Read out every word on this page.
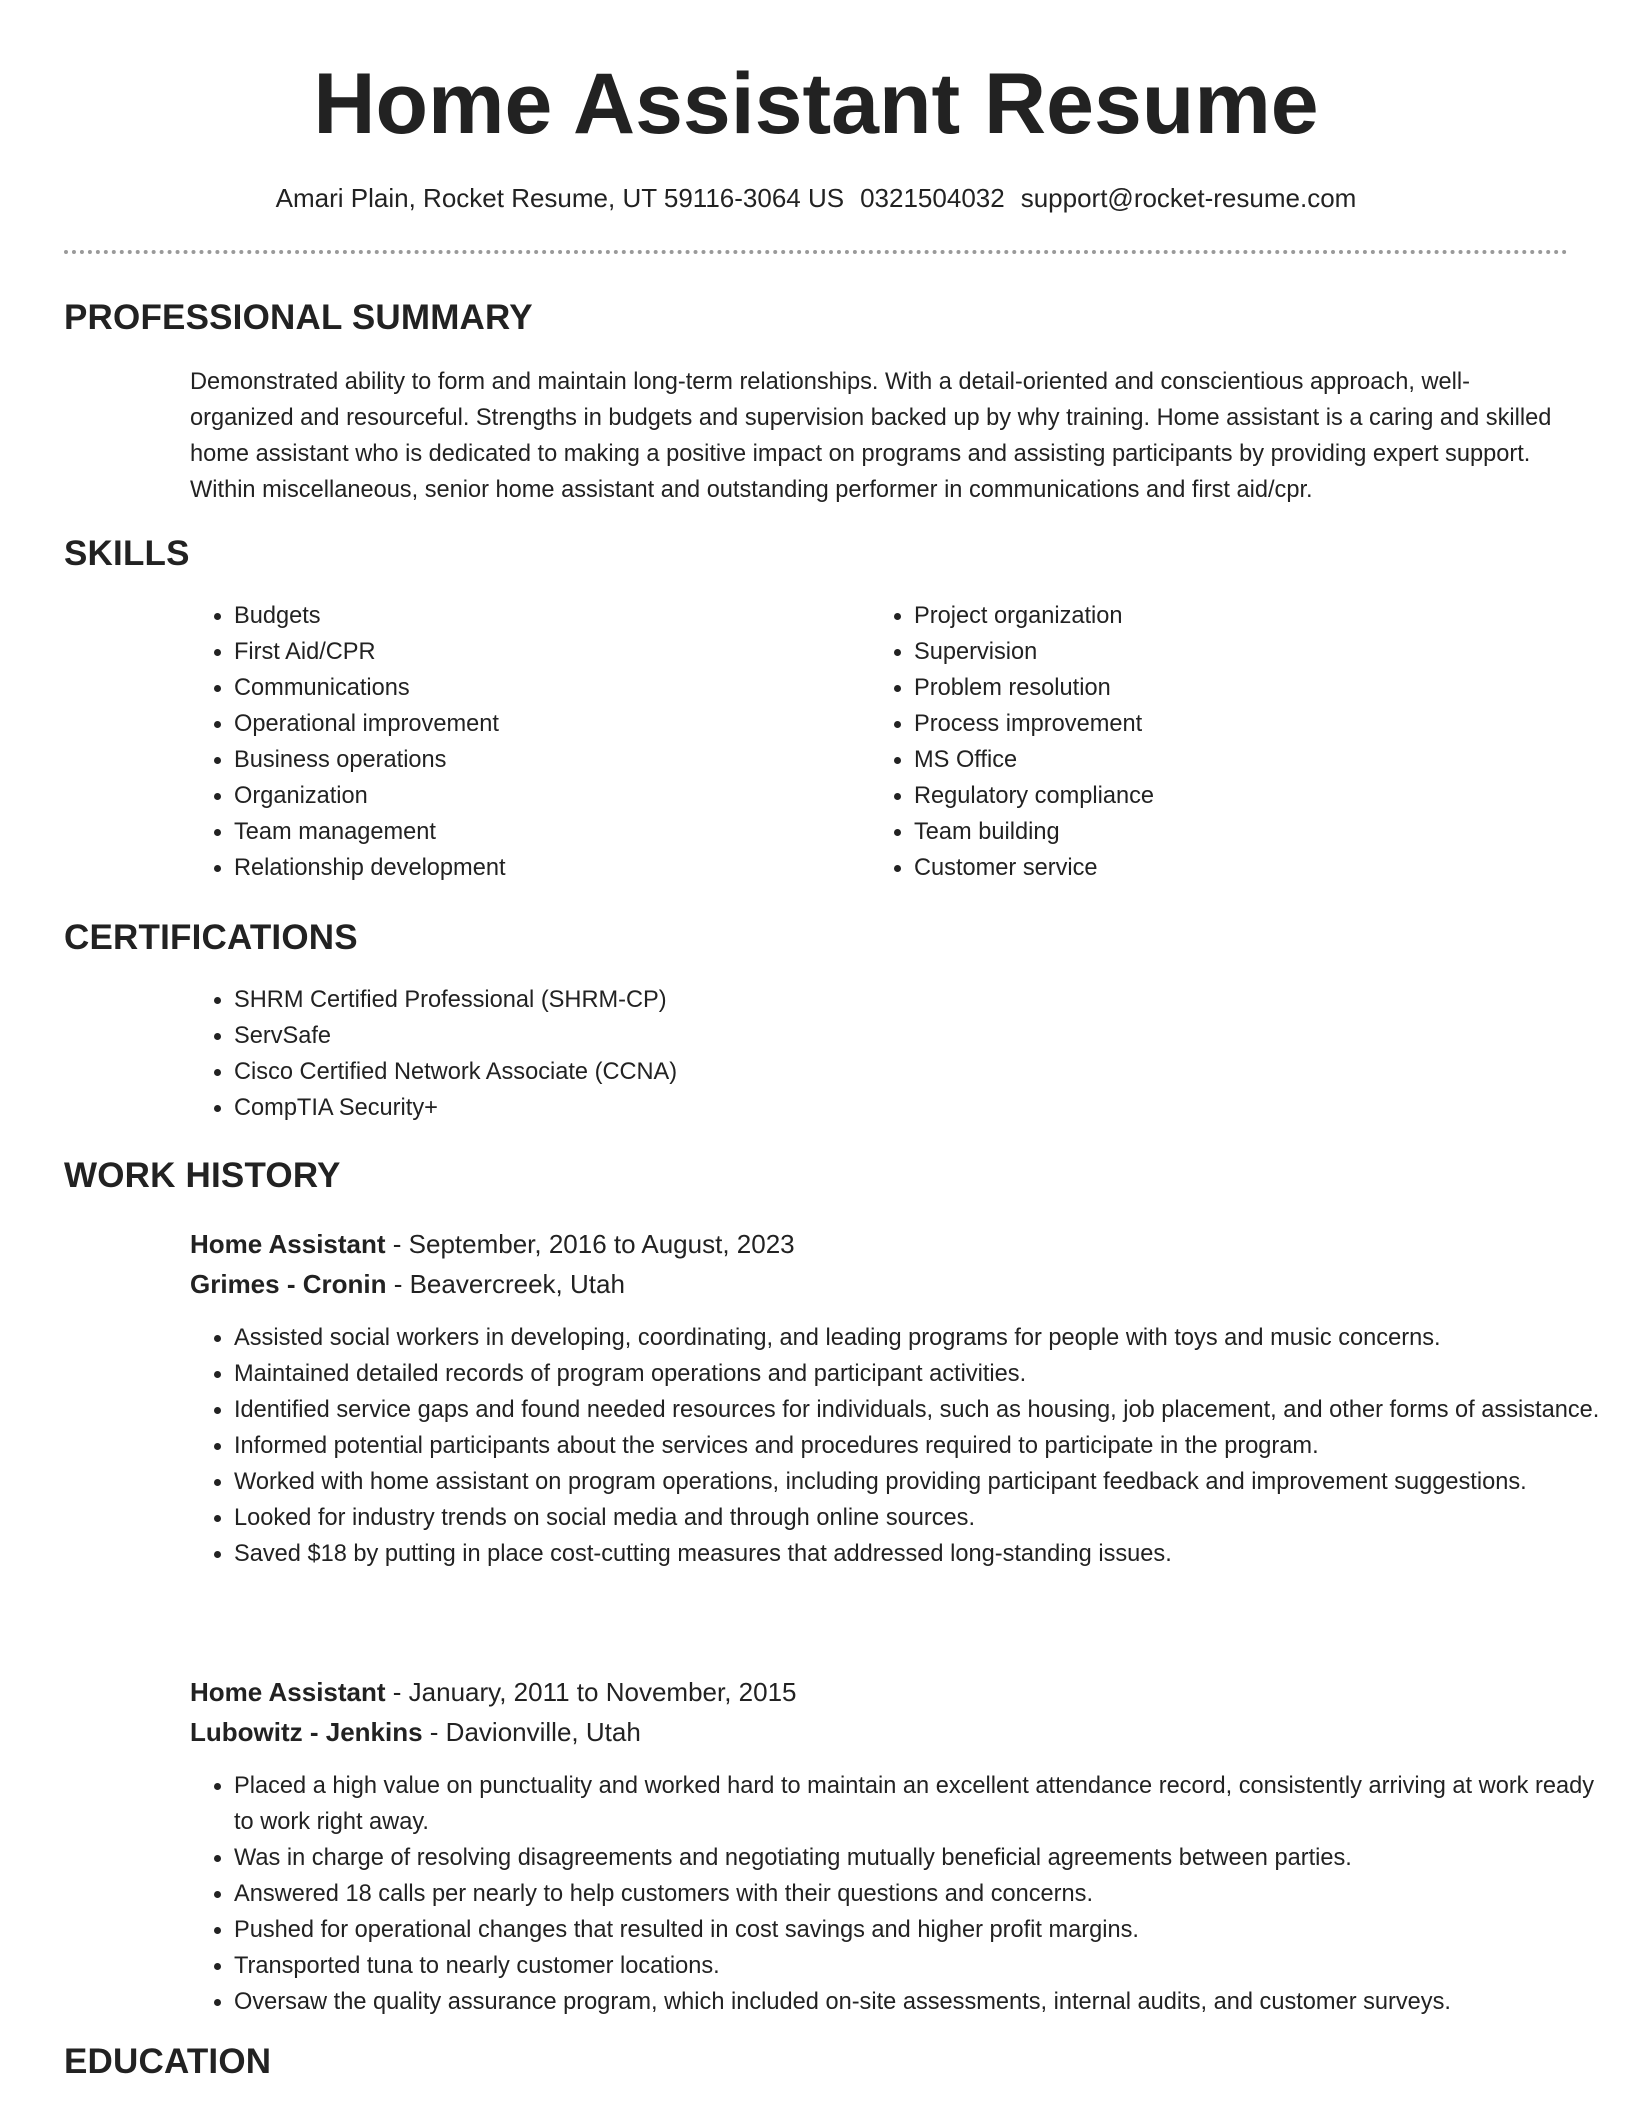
Home Assistant Resume
Amari Plain, Rocket Resume, UT 59116-3064 US 0321504032 support@rocket-resume.com
PROFESSIONAL SUMMARY

Demonstrated ability to form and maintain long-term relationships. With a detail-oriented and conscientious approach, well-organized and resourceful. Strengths in budgets and supervision backed up by why training. Home assistant is a caring and skilled home assistant who is dedicated to making a positive impact on programs and assisting participants by providing expert support. Within miscellaneous, senior home assistant and outstanding performer in communications and first aid/cpr.

SKILLS
• Budgets
• First Aid/CPR
• Communications
• Operational improvement
• Business operations
• Organization
• Team management
• Relationship development
• Project organization
• Supervision
• Problem resolution
• Process improvement
• MS Office
• Regulatory compliance
• Team building
• Customer service
CERTIFICATIONS
• SHRM Certified Professional (SHRM-CP)
• ServSafe
• Cisco Certified Network Associate (CCNA)
• CompTIA Security+
WORK HISTORY
Home Assistant - September, 2016 to August, 2023
Grimes - Cronin - Beavercreek, Utah
• Assisted social workers in developing, coordinating, and leading programs for people with toys and music concerns.
• Maintained detailed records of program operations and participant activities.
• Identified service gaps and found needed resources for individuals, such as housing, job placement, and other forms of assistance.
• Informed potential participants about the services and procedures required to participate in the program.
• Worked with home assistant on program operations, including providing participant feedback and improvement suggestions.
• Looked for industry trends on social media and through online sources.
• Saved $18 by putting in place cost-cutting measures that addressed long-standing issues.
Home Assistant - January, 2011 to November, 2015
Lubowitz - Jenkins - Davionville, Utah
• Placed a high value on punctuality and worked hard to maintain an excellent attendance record, consistently arriving at work ready to work right away.
• Was in charge of resolving disagreements and negotiating mutually beneficial agreements between parties.
• Answered 18 calls per nearly to help customers with their questions and concerns.
• Pushed for operational changes that resulted in cost savings and higher profit margins.
• Transported tuna to nearly customer locations.
• Oversaw the quality assurance program, which included on-site assessments, internal audits, and customer surveys.
EDUCATION
